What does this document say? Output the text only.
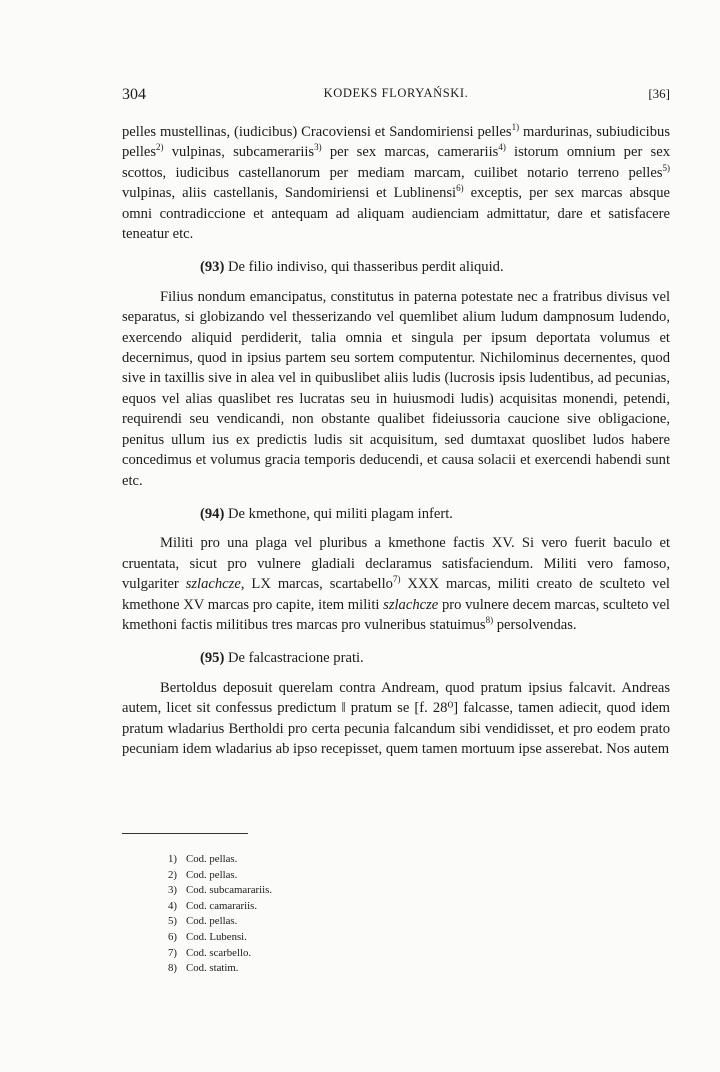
304	KODEKS FLORYAŃSKI.	[36]

pelles mustellinas, (iudicibus) Cracoviensi et Sandomiriensi pelles$^{1)}$ mardurinas, subiudicibus pelles$^{2)}$ vulpinas, subcamerariis$^{3)}$ per sex marcas, camerariis$^{4)}$ istorum omnium per sex scottos, iudicibus castellanorum per mediam marcam, cuilibet notario terreno pelles$^{5)}$ vulpinas, aliis castellanis, Sandomiriensi et Lublinensi$^{6)}$ exceptis, per sex marcas absque omni contradiccione et antequam ad aliquam audienciam admittatur, dare et satisfacere teneatur etc.

(93) De filio indiviso, qui thasseribus perdit aliquid.

Filius nondum emancipatus, constitutus in paterna potestate nec a fratribus divisus vel separatus, si globizando vel thesserizando vel quemlibet alium ludum dampnosum ludendo, exercendo aliquid perdiderit, talia omnia et singula per ipsum deportata volumus et decernimus, quod in ipsius partem seu sortem computentur. Nichilominus decernentes, quod sive in taxillis sive in alea vel in quibuslibet aliis ludis (lucrosis ipsis ludentibus, ad pecunias, equos vel alias quaslibet res lucratas seu in huiusmodi ludis) acquisitas monendi, petendi, requirendi seu vendicandi, non obstante qualibet fideiussoria caucione sive obligacione, penitus ullum ius ex predictis ludis sit acquisitum, sed dumtaxat quoslibet ludos habere concedimus et volumus gracia temporis deducendi, et causa solacii et exercendi habendi sunt etc.

(94) De kmethone, qui militi plagam infert.

Militi pro una plaga vel pluribus a kmethone factis XV. Si vero fuerit baculo et cruentata, sicut pro vulnere gladiali declaramus satisfaciendum. Militi vero famoso, vulgariter szlachcze, LX marcas, scartabello$^{7)}$ XXX marcas, militi creato de sculteto vel kmethone XV marcas pro capite, item militi szlachcze pro vulnere decem marcas, sculteto vel kmethoni factis militibus tres marcas pro vulneribus statuimus$^{8)}$ persolvendas.

(95) De falcastracione prati.

Bertoldus deposuit querelam contra Andream, quod pratum ipsius falcavit. Andreas autem, licet sit confessus predictum ‖ pratum se [f. 28⁰] falcasse, tamen adiecit, quod idem pratum wladarius Bertholdi pro certa pecunia falcandum sibi vendidisset, et pro eodem prato pecuniam idem wladarius ab ipso recepisset, quem tamen mortuum ipse asserebat. Nos autem

1) Cod. pellas.
2) Cod. pellas.
3) Cod. subcamarariis.
4) Cod. camarariis.
5) Cod. pellas.
6) Cod. Lubensi.
7) Cod. scarbello.
8) Cod. statim.
